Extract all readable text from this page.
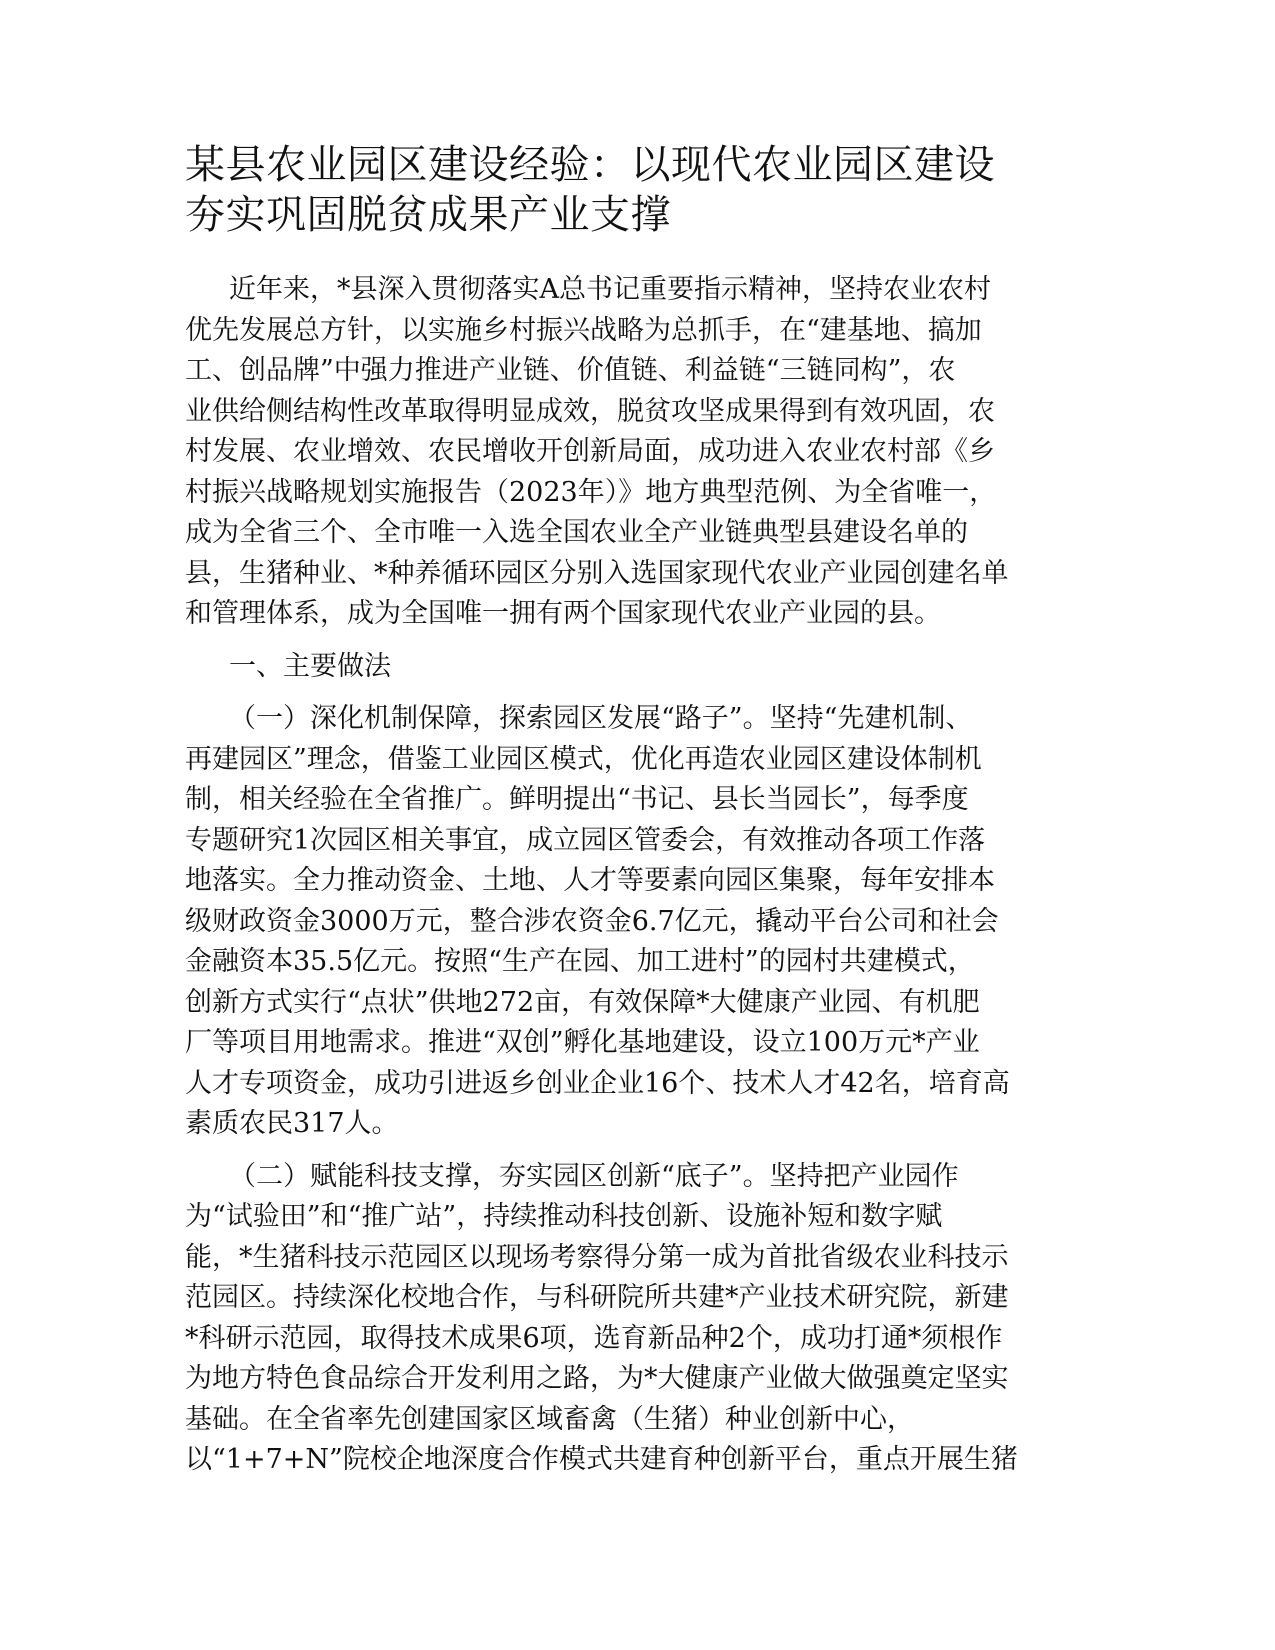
某县农业园区建设经验：以现代农业园区建设
夯实巩固脱贫成果产业支撑
近年来，*县深入贯彻落实A总书记重要指示精神，坚持农业农村
优先发展总方针，以实施乡村振兴战略为总抓手，在“建基地、搞加
工、创品牌”中强力推进产业链、价值链、利益链“三链同构”，农
业供给侧结构性改革取得明显成效，脱贫攻坚成果得到有效巩固，农
村发展、农业增效、农民增收开创新局面，成功进入农业农村部《乡
村振兴战略规划实施报告（2023年）》地方典型范例、为全省唯一，
成为全省三个、全市唯一入选全国农业全产业链典型县建设名单的
县，生猪种业、*种养循环园区分别入选国家现代农业产业园创建名单
和管理体系，成为全国唯一拥有两个国家现代农业产业园的县。
一、主要做法
（一）深化机制保障，探索园区发展“路子”。坚持“先建机制、
再建园区”理念，借鉴工业园区模式，优化再造农业园区建设体制机
制，相关经验在全省推广。鲜明提出“书记、县长当园长”，每季度
专题研究1次园区相关事宜，成立园区管委会，有效推动各项工作落
地落实。全力推动资金、土地、人才等要素向园区集聚，每年安排本
级财政资金3000万元，整合涉农资金6.7亿元，撬动平台公司和社会
金融资本35.5亿元。按照“生产在园、加工进村”的园村共建模式，
创新方式实行“点状”供地272亩，有效保障*大健康产业园、有机肥
厂等项目用地需求。推进“双创”孵化基地建设，设立100万元*产业
人才专项资金，成功引进返乡创业企业16个、技术人才42名，培育高
素质农民317人。
（二）赋能科技支撑，夯实园区创新“底子”。坚持把产业园作
为“试验田”和“推广站”，持续推动科技创新、设施补短和数字赋
能，*生猪科技示范园区以现场考察得分第一成为首批省级农业科技示
范园区。持续深化校地合作，与科研院所共建*产业技术研究院，新建
*科研示范园，取得技术成果6项，选育新品种2个，成功打通*须根作
为地方特色食品综合开发利用之路，为*大健康产业做大做强奠定坚实
基础。在全省率先创建国家区域畜禽（生猪）种业创新中心，
以“1+7+N”院校企地深度合作模式共建育种创新平台，重点开展生猪
